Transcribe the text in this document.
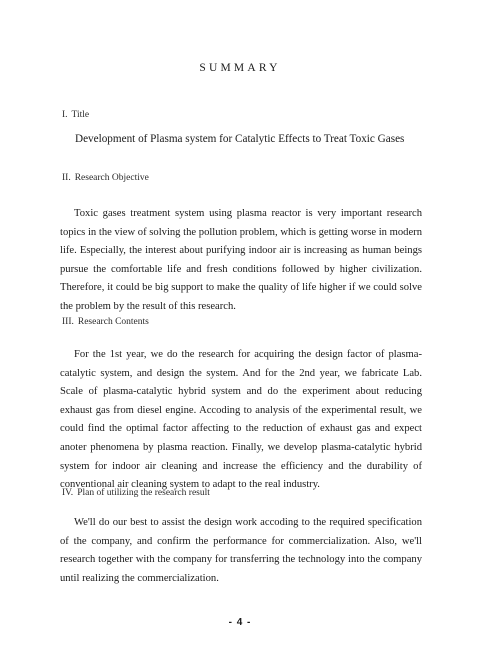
SUMMARY
I. Title
Development of Plasma system for Catalytic Effects to Treat Toxic Gases
II. Research Objective

Toxic gases treatment system using plasma reactor is very important research topics in the view of solving the pollution problem, which is getting worse in modern life. Especially, the interest about purifying indoor air is increasing as human beings pursue the comfortable life and fresh conditions followed by higher civilization. Therefore, it could be big support to make the quality of life higher if we could solve the problem by the result of this research.

III. Research Contents

For the 1st year, we do the research for acquiring the design factor of plasma-catalytic system, and design the system. And for the 2nd year, we fabricate Lab. Scale of plasma-catalytic hybrid system and do the experiment about reducing exhaust gas from diesel engine. Accoding to analysis of the experimental result, we could find the optimal factor affecting to the reduction of exhaust gas and expect anoter phenomena by plasma reaction. Finally, we develop plasma-catalytic hybrid system for indoor air cleaning and increase the efficiency and the durability of conventional air cleaning system to adapt to the real industry.

IV. Plan of utilizing the research result

We'll do our best to assist the design work accoding to the required specification of the company, and confirm the performance for commercialization. Also, we'll research together with the company for transferring the technology into the company until realizing the commercialization.

- 4 -
